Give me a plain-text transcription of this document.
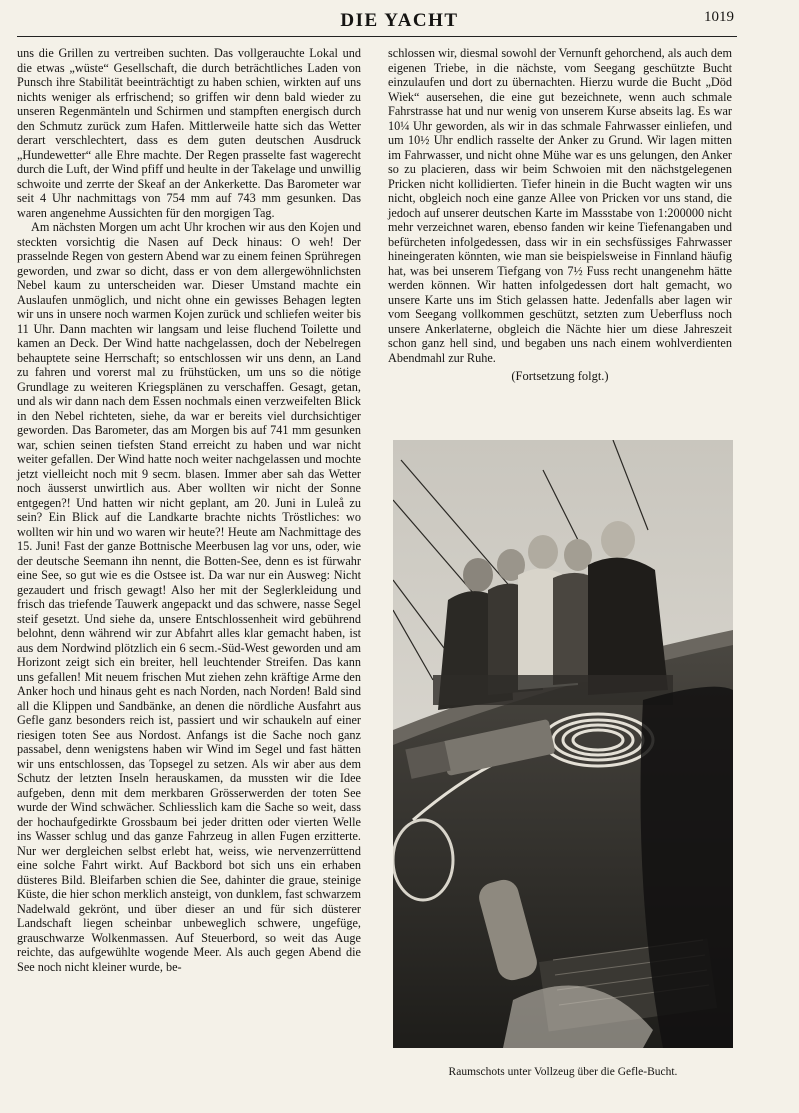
DIE YACHT	1019

uns die Grillen zu vertreiben suchten. Das vollgerauchte Lokal und die etwas „wüste“ Gesellschaft, die durch beträchtliches Laden von Punsch ihre Stabilität beeinträchtigt zu haben schien, wirkten auf uns nichts weniger als erfrischend; so griffen wir denn bald wieder zu unseren Regenmänteln und Schirmen und stampften energisch durch den Schmutz zurück zum Hafen. Mittlerweile hatte sich das Wetter derart verschlechtert, dass es dem guten deutschen Ausdruck „Hundewetter“ alle Ehre machte. Der Regen prasselte fast wagerecht durch die Luft, der Wind pfiff und heulte in der Takelage und unwillig schwoite und zerrte der Skeaf an der Ankerkette. Das Barometer war seit 4 Uhr nachmittags von 754 mm auf 743 mm gesunken. Das waren angenehme Aussichten für den morgigen Tag.

Am nächsten Morgen um acht Uhr krochen wir aus den Kojen und steckten vorsichtig die Nasen auf Deck hinaus: O weh! Der prasselnde Regen von gestern Abend war zu einem feinen Sprühregen geworden, und zwar so dicht, dass er von dem allergewöhnlichsten Nebel kaum zu unterscheiden war. Dieser Umstand machte ein Auslaufen unmöglich, und nicht ohne ein gewisses Behagen legten wir uns in unsere noch warmen Kojen zurück und schliefen weiter bis 11 Uhr. Dann machten wir langsam und leise fluchend Toilette und kamen an Deck. Der Wind hatte nachgelassen, doch der Nebelregen behauptete seine Herrschaft; so entschlossen wir uns denn, an Land zu fahren und vorerst mal zu frühstücken, um uns so die nötige Grundlage zu weiteren Kriegsplänen zu verschaffen. Gesagt, getan, und als wir dann nach dem Essen nochmals einen verzweifelten Blick in den Nebel richteten, siehe, da war er bereits viel durchsichtiger geworden. Das Barometer, das am Morgen bis auf 741 mm gesunken war, schien seinen tiefsten Stand erreicht zu haben und war nicht weiter gefallen. Der Wind hatte noch weiter nachgelassen und mochte jetzt vielleicht noch mit 9 secm. blasen. Immer aber sah das Wetter noch äusserst unwirtlich aus. Aber wollten wir nicht der Sonne entgegen?! Und hatten wir nicht geplant, am 20. Juni in Luleå zu sein? Ein Blick auf die Landkarte brachte nichts Tröstliches: wo wollten wir hin und wo waren wir heute?! Heute am Nachmittage des 15. Juni! Fast der ganze Bottnische Meerbusen lag vor uns, oder, wie der deutsche Seemann ihn nennt, die Botten-See, denn es ist fürwahr eine See, so gut wie es die Ostsee ist. Da war nur ein Ausweg: Nicht gezaudert und frisch gewagt! Also her mit der Seglerkleidung und frisch das triefende Tauwerk angepackt und das schwere, nasse Segel steif gesetzt. Und siehe da, unsere Entschlossenheit wird gebührend belohnt, denn während wir zur Abfahrt alles klar gemacht haben, ist aus dem Nordwind plötzlich ein 6 secm.-Süd-West geworden und am Horizont zeigt sich ein breiter, hell leuchtender Streifen. Das kann uns gefallen! Mit neuem frischen Mut ziehen zehn kräftige Arme den Anker hoch und hinaus geht es nach Norden, nach Norden! Bald sind all die Klippen und Sandbänke, an denen die nördliche Ausfahrt aus Gefle ganz besonders reich ist, passiert und wir schaukeln auf einer riesigen toten See aus Nordost. Anfangs ist die Sache noch ganz passabel, denn wenigstens haben wir Wind im Segel und fast hätten wir uns entschlossen, das Topsegel zu setzen. Als wir aber aus dem Schutz der letzten Inseln herauskamen, da mussten wir die Idee aufgeben, denn mit dem merkbaren Grösserwerden der toten See wurde der Wind schwächer. Schliesslich kam die Sache so weit, dass der hochaufgedirkte Grossbaum bei jeder dritten oder vierten Welle ins Wasser schlug und das ganze Fahrzeug in allen Fugen erzitterte. Nur wer dergleichen selbst erlebt hat, weiss, wie nervenzerrüttend eine solche Fahrt wirkt. Auf Backbord bot sich uns ein erhaben düsteres Bild. Bleifarben schien die See, dahinter die graue, steinige Küste, die hier schon merklich ansteigt, von dunklem, fast schwarzem Nadelwald gekrönt, und über dieser an und für sich düsterer Landschaft liegen scheinbar unbeweglich schwere, ungefüge, grauschwarze Wolkenmassen. Auf Steuerbord, so weit das Auge reichte, das aufgewühlte wogende Meer. Als auch gegen Abend die See noch nicht kleiner wurde, be-

schlossen wir, diesmal sowohl der Vernunft gehorchend, als auch dem eigenen Triebe, in die nächste, vom Seegang geschützte Bucht einzulaufen und dort zu übernachten. Hierzu wurde die Bucht „Död Wiek“ ausersehen, die eine gut bezeichnete, wenn auch schmale Fahrstrasse hat und nur wenig von unserem Kurse abseits lag. Es war 10¼ Uhr geworden, als wir in das schmale Fahrwasser einliefen, und um 10½ Uhr endlich rasselte der Anker zu Grund. Wir lagen mitten im Fahrwasser, und nicht ohne Mühe war es uns gelungen, den Anker so zu placieren, dass wir beim Schwoien mit den nächstgelegenen Pricken nicht kollidierten. Tiefer hinein in die Bucht wagten wir uns nicht, obgleich noch eine ganze Allee von Pricken vor uns stand, die jedoch auf unserer deutschen Karte im Massstabe von 1:200000 nicht mehr verzeichnet waren, ebenso fanden wir keine Tiefenangaben und befürcheten infolgedessen, dass wir in ein sechsfüssiges Fahrwasser hineingeraten könnten, wie man sie beispielsweise in Finnland häufig hat, was bei unserem Tiefgang von 7½ Fuss recht unangenehm hätte werden können. Wir hatten infolgedessen dort halt gemacht, wo unsere Karte uns im Stich gelassen hatte. Jedenfalls aber lagen wir vom Seegang vollkommen geschützt, setzten zum Ueberfluss noch unsere Ankerlaterne, obgleich die Nächte hier um diese Jahreszeit schon ganz hell sind, und begaben uns nach einem wohlverdienten Abendmahl zur Ruhe.

(Fortsetzung folgt.)
Raumschots unter Vollzeug über die Gefle-Bucht.
